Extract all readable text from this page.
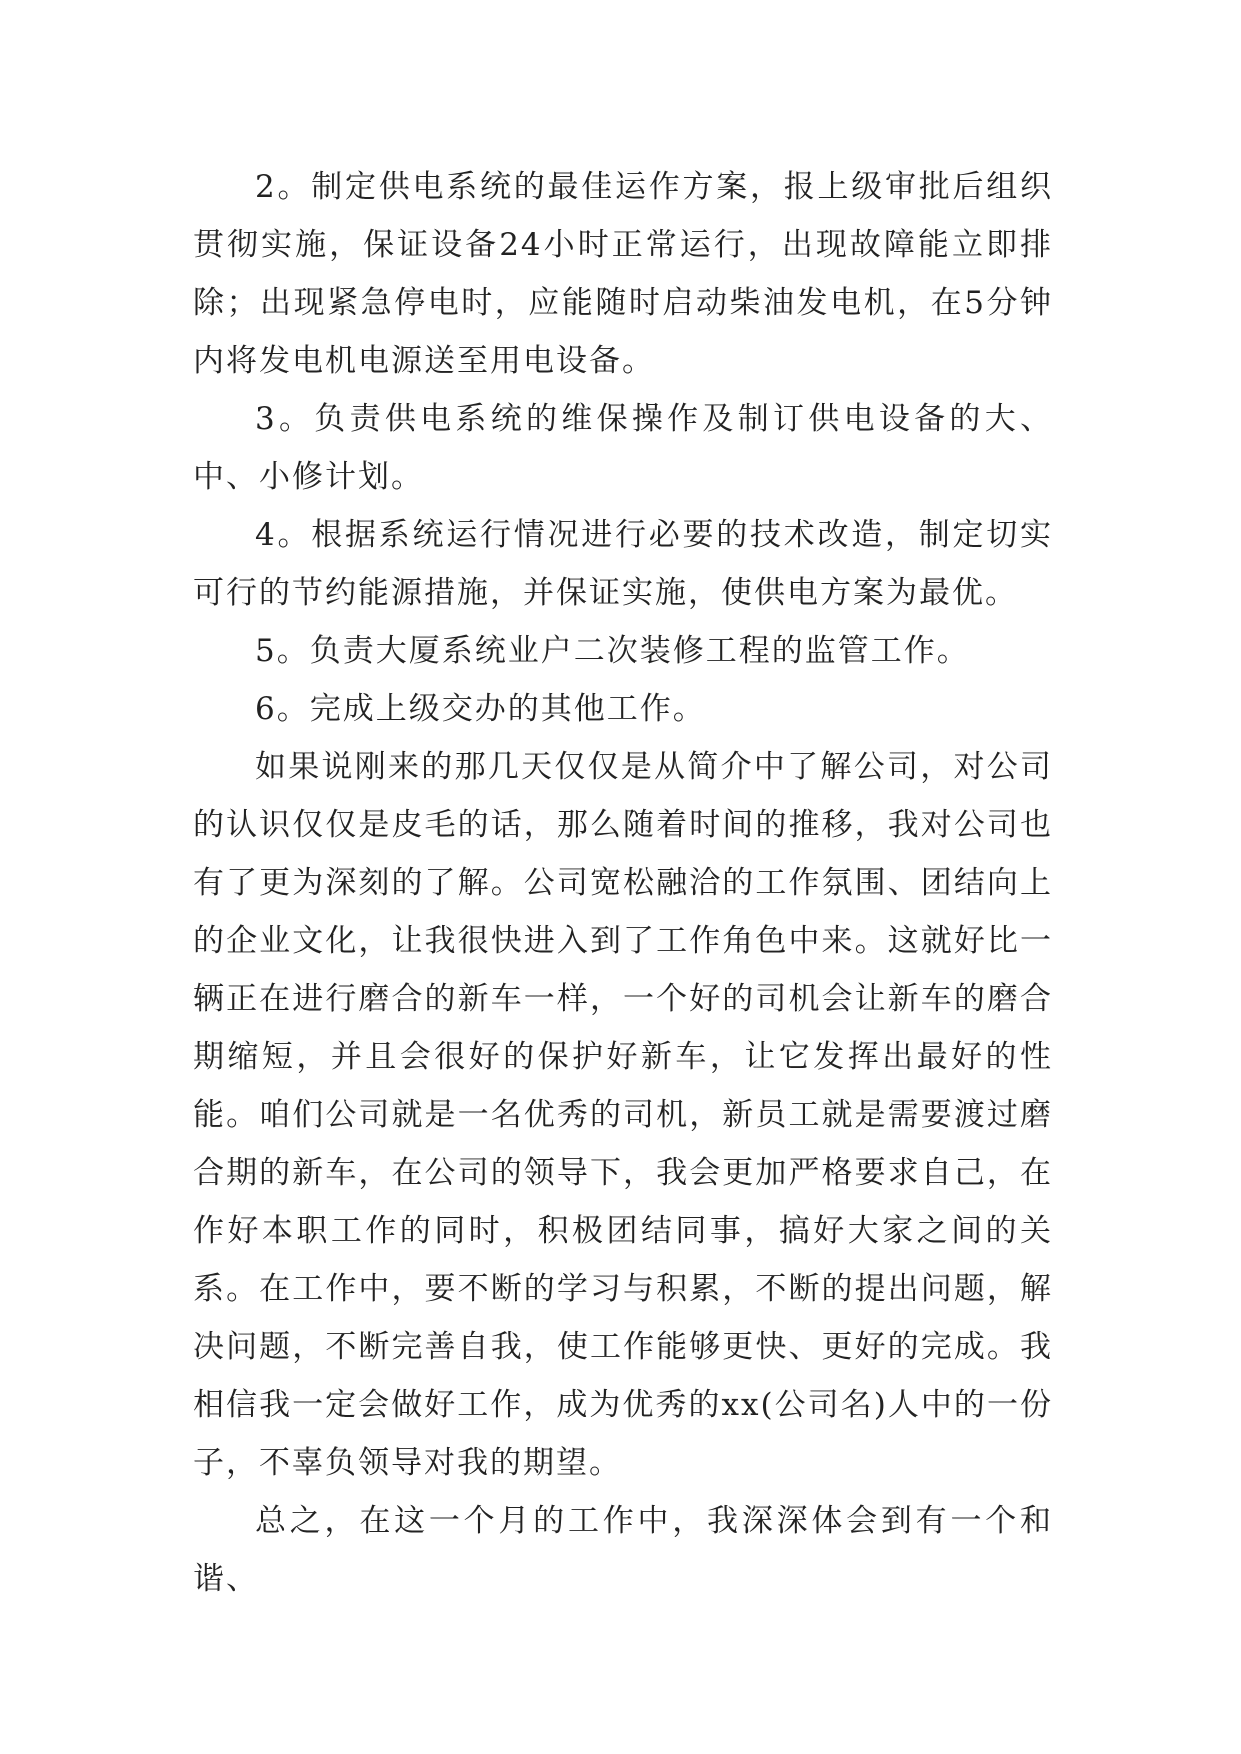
2。制定供电系统的最佳运作方案，报上级审批后组织贯彻实施，保证设备24小时正常运行，出现故障能立即排除；出现紧急停电时，应能随时启动柴油发电机，在5分钟内将发电机电源送至用电设备。

3。负责供电系统的维保操作及制订供电设备的大、中、小修计划。

4。根据系统运行情况进行必要的技术改造，制定切实可行的节约能源措施，并保证实施，使供电方案为最优。

5。负责大厦系统业户二次装修工程的监管工作。

6。完成上级交办的其他工作。

如果说刚来的那几天仅仅是从简介中了解公司，对公司的认识仅仅是皮毛的话，那么随着时间的推移，我对公司也有了更为深刻的了解。公司宽松融洽的工作氛围、团结向上的企业文化，让我很快进入到了工作角色中来。这就好比一辆正在进行磨合的新车一样，一个好的司机会让新车的磨合期缩短，并且会很好的保护好新车，让它发挥出最好的性能。咱们公司就是一名优秀的司机，新员工就是需要渡过磨合期的新车，在公司的领导下，我会更加严格要求自己，在作好本职工作的同时，积极团结同事，搞好大家之间的关系。在工作中，要不断的学习与积累，不断的提出问题，解决问题，不断完善自我，使工作能够更快、更好的完成。我相信我一定会做好工作，成为优秀的xx(公司名)人中的一份子，不辜负领导对我的期望。

总之，在这一个月的工作中，我深深体会到有一个和谐、
